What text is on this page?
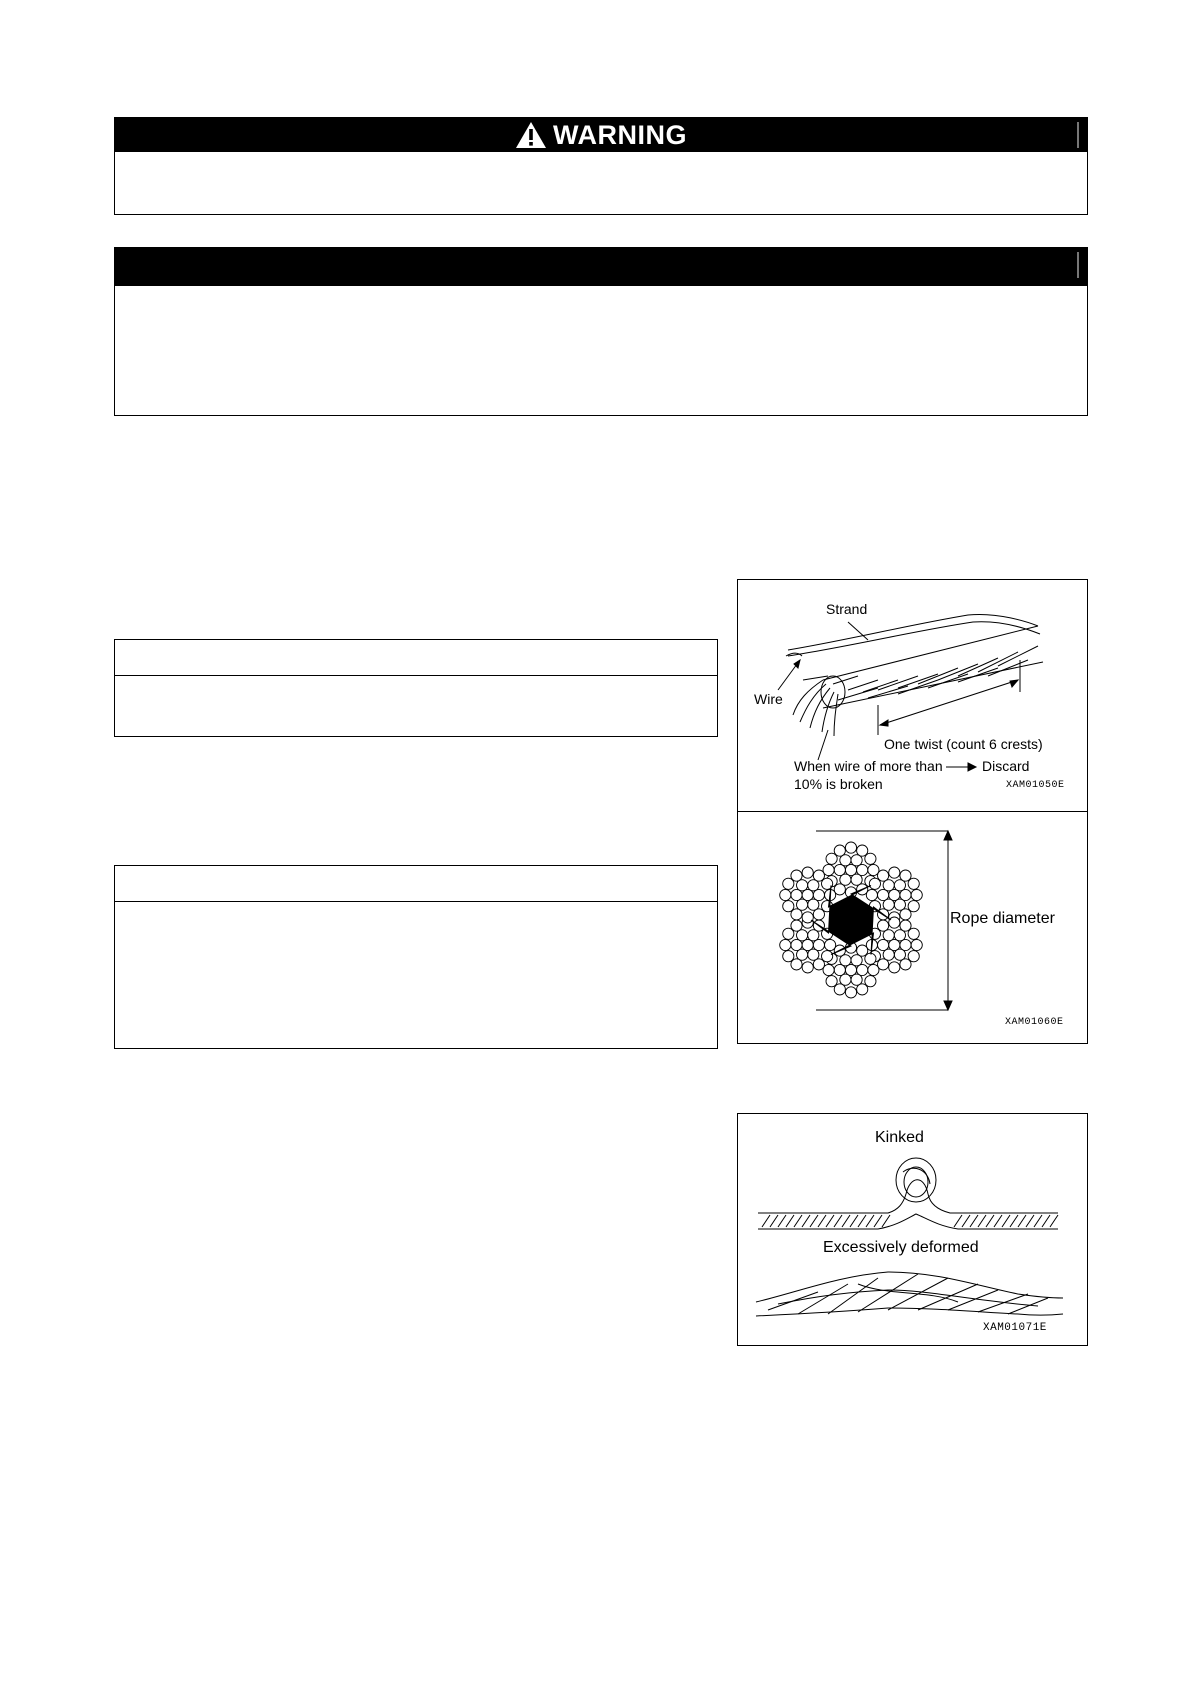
WARNING
Strand
Wire
One twist (count 6 crests)
When wire of more than
10% is broken
Discard
XAM01050E
Rope diameter
XAM01060E
Kinked
Excessively deformed
XAM01071E
